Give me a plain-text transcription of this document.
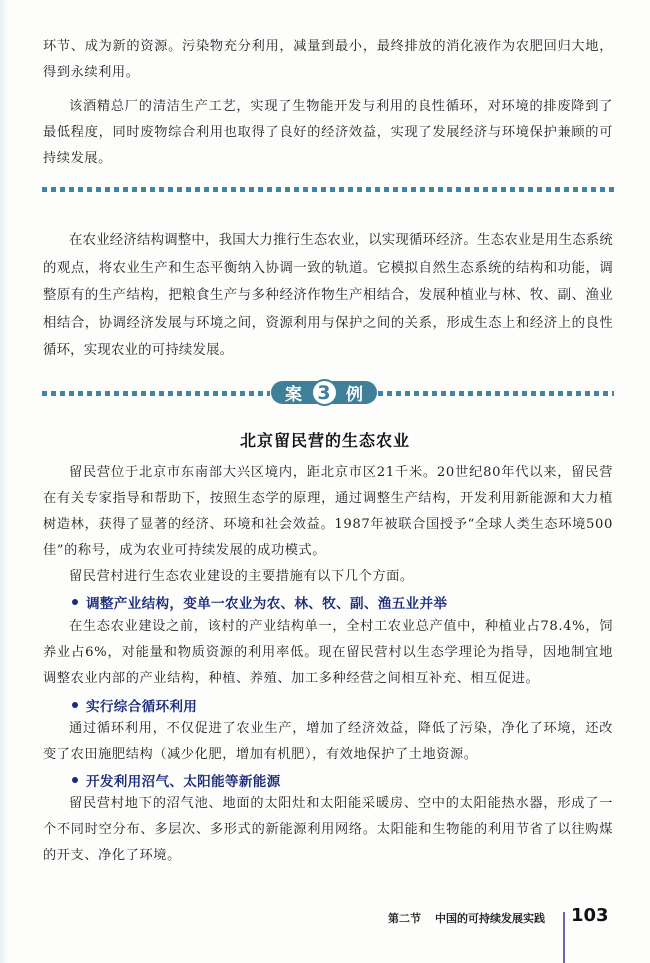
环节、成为新的资源。污染物充分利用，减量到最小，最终排放的消化液作为农肥回归大地，得到永续利用。

该酒精总厂的清洁生产工艺，实现了生物能开发与利用的良性循环，对环境的排废降到了最低程度，同时废物综合利用也取得了良好的经济效益，实现了发展经济与环境保护兼顾的可持续发展。

在农业经济结构调整中，我国大力推行生态农业，以实现循环经济。生态农业是用生态系统的观点，将农业生产和生态平衡纳入协调一致的轨道。它模拟自然生态系统的结构和功能，调整原有的生产结构，把粮食生产与多种经济作物生产相结合，发展种植业与林、牧、副、渔业相结合，协调经济发展与环境之间，资源利用与保护之间的关系，形成生态上和经济上的良性循环，实现农业的可持续发展。

案 3 例
北京留民营的生态农业

留民营位于北京市东南部大兴区境内，距北京市区21千米。20世纪80年代以来，留民营在有关专家指导和帮助下，按照生态学的原理，通过调整生产结构，开发利用新能源和大力植树造林，获得了显著的经济、环境和社会效益。1987年被联合国授予“全球人类生态环境500佳”的称号，成为农业可持续发展的成功模式。

留民营村进行生态农业建设的主要措施有以下几个方面。

调整产业结构，变单一农业为农、林、牧、副、渔五业并举

在生态农业建设之前，该村的产业结构单一，全村工农业总产值中，种植业占78.4%，饲养业占6%，对能量和物质资源的利用率低。现在留民营村以生态学理论为指导，因地制宜地调整农业内部的产业结构，种植、养殖、加工多种经营之间相互补充、相互促进。

实行综合循环利用

通过循环利用，不仅促进了农业生产，增加了经济效益，降低了污染，净化了环境，还改变了农田施肥结构（减少化肥，增加有机肥），有效地保护了土地资源。

开发利用沼气、太阳能等新能源

留民营村地下的沼气池、地面的太阳灶和太阳能采暖房、空中的太阳能热水器，形成了一个不同时空分布、多层次、多形式的新能源利用网络。太阳能和生物能的利用节省了以往购煤的开支、净化了环境。

第二节 中国的可持续发展实践 103
